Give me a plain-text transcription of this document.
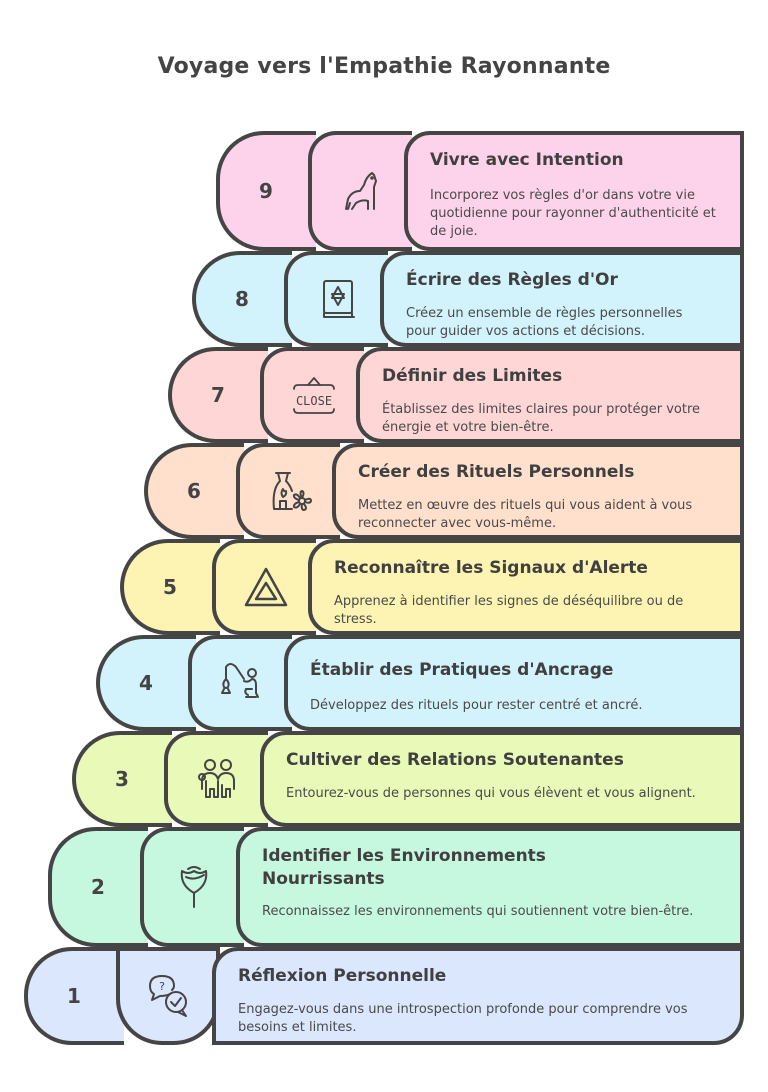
Voyage vers l'Empathie Rayonnante
9
Vivre avec Intention
Incorporez vos règles d'or dans votre vie quotidienne pour rayonner d'authenticité et de joie.
8
Écrire des Règles d'Or
Créez un ensemble de règles personnelles pour guider vos actions et décisions.
7	CLOSE
Définir des Limites
Établissez des limites claires pour protéger votre énergie et votre bien-être.
6
Créer des Rituels Personnels
Mettez en œuvre des rituels qui vous aident à vous reconnecter avec vous-même.
5
Reconnaître les Signaux d'Alerte
Apprenez à identifier les signes de déséquilibre ou de stress.
4
Établir des Pratiques d'Ancrage
Développez des rituels pour rester centré et ancré.
3
Cultiver des Relations Soutenantes
Entourez-vous de personnes qui vous élèvent et vous alignent.
2
Identifier les Environnements Nourrissants
Reconnaissez les environnements qui soutiennent votre bien-être.
1	?
Réflexion Personnelle
Engagez-vous dans une introspection profonde pour comprendre vos besoins et limites.
